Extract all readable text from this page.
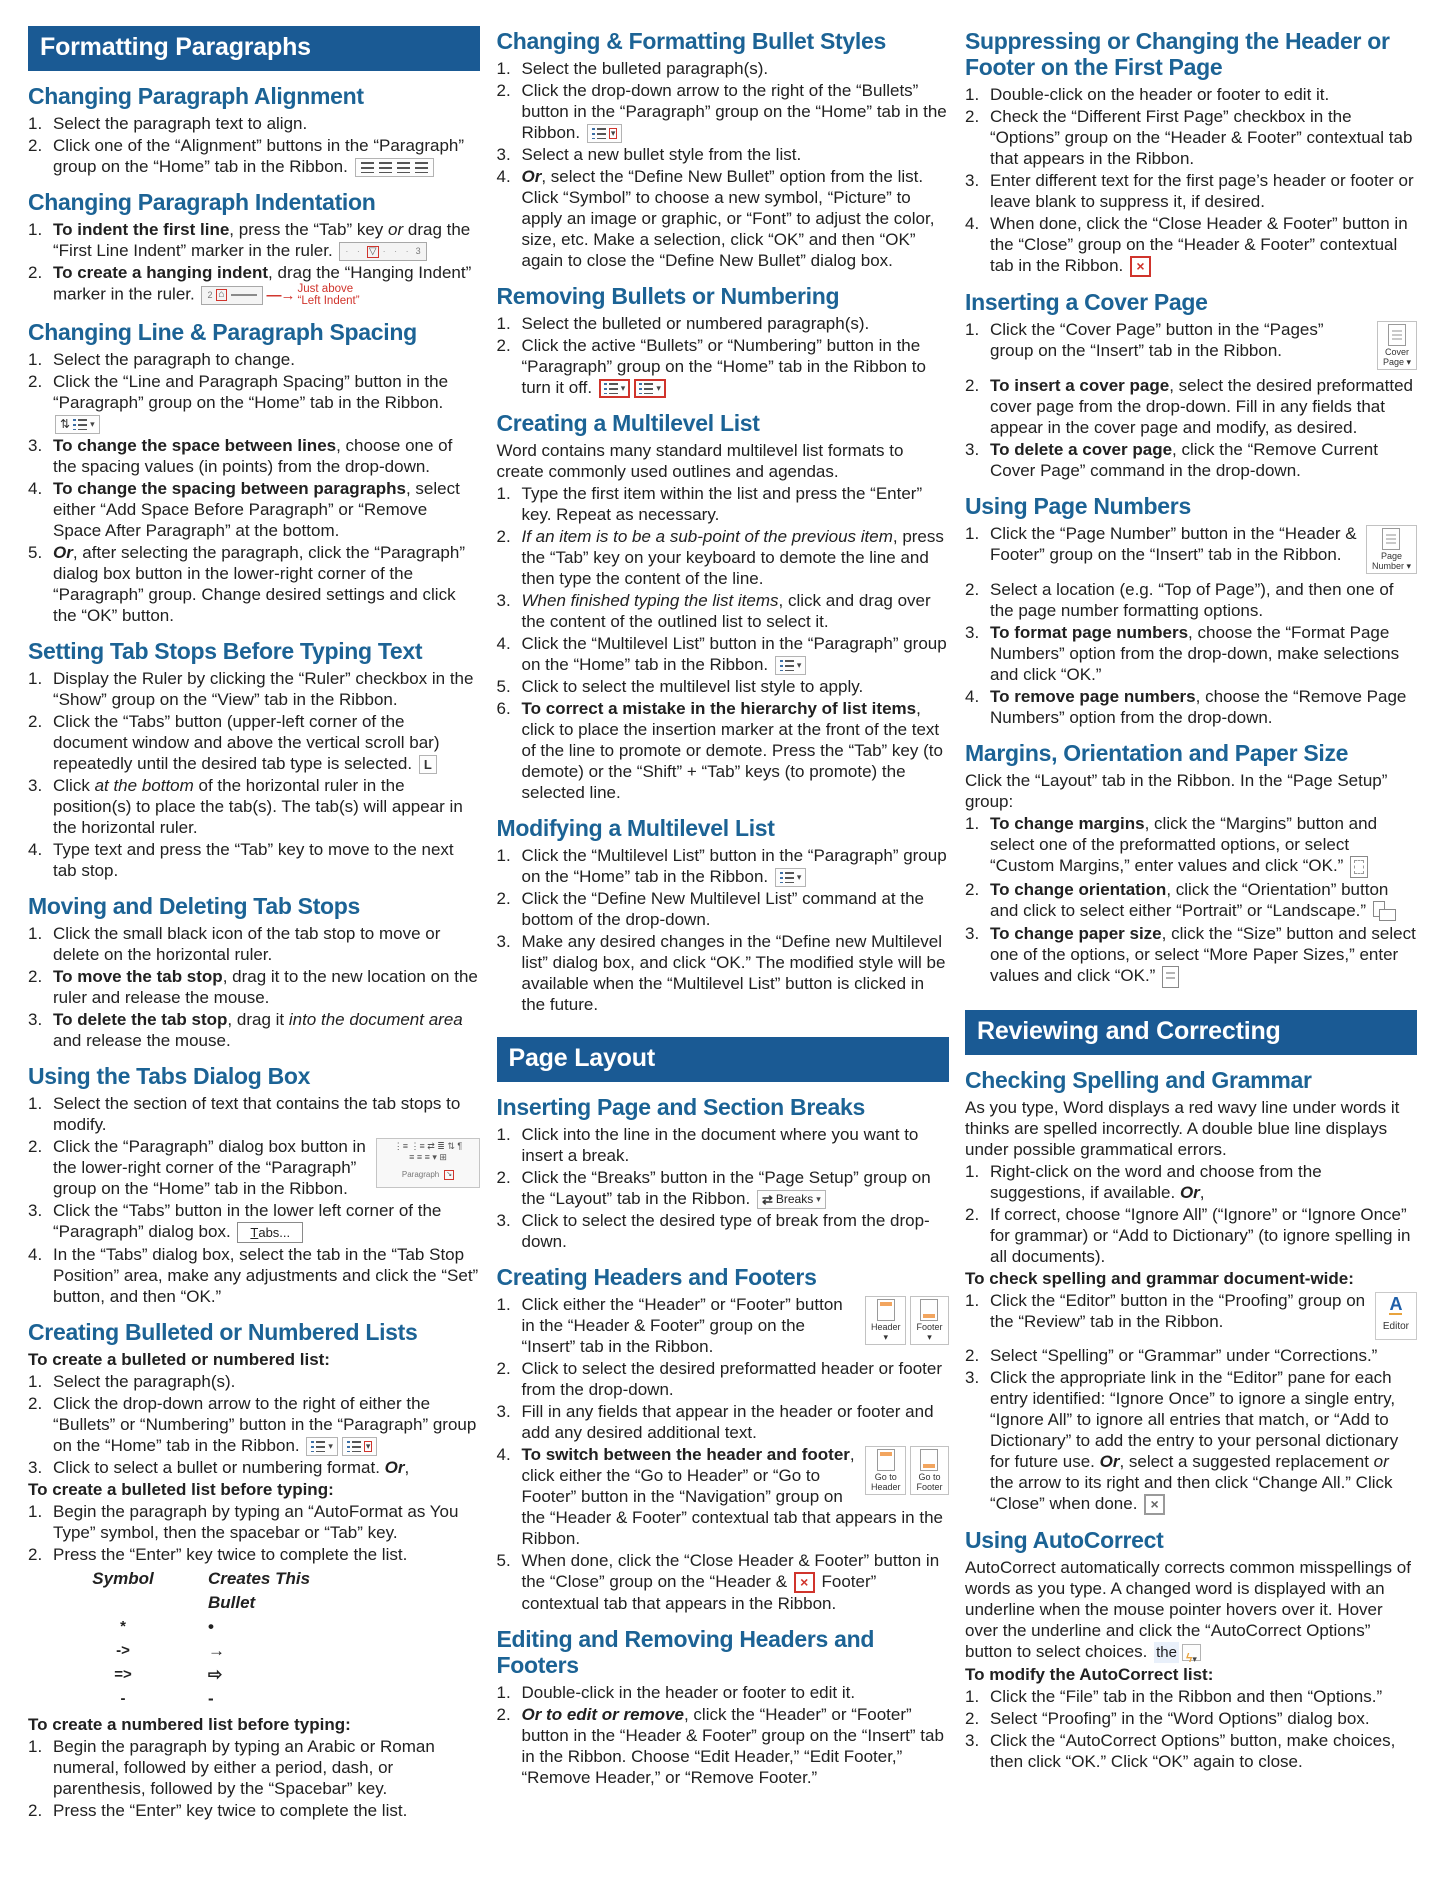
Formatting Paragraphs
Changing Paragraph Alignment
1. Select the paragraph text to align.
2. Click one of the “Alignment” buttons in the “Paragraph” group on the “Home” tab in the Ribbon.
Changing Paragraph Indentation
1. To indent the first line, press the “Tab” key or drag the “First Line Indent” marker in the ruler. · · ▽ · · · 3
2. To create a hanging indent, drag the “Hanging Indent” marker in the ruler. 2 ⌂	—→ Just above
“Left Indent”
Changing Line & Paragraph Spacing
1. Select the paragraph to change.
2. Click the “Line and Paragraph Spacing” button in the “Paragraph” group on the “Home” tab in the Ribbon.
⇅ ▾
3. To change the space between lines, choose one of the spacing values (in points) from the drop-down.
4. To change the spacing between paragraphs, select either “Add Space Before Paragraph” or “Remove Space After Paragraph” at the bottom.
5. Or, after selecting the paragraph, click the “Paragraph” dialog box button in the lower-right corner of the “Paragraph” group. Change desired settings and click the “OK” button.
Setting Tab Stops Before Typing Text
1. Display the Ruler by clicking the “Ruler” checkbox in the “Show” group on the “View” tab in the Ribbon.
2. Click the “Tabs” button (upper-left corner of the document window and above the vertical scroll bar) repeatedly until the desired tab type is selected. L
3. Click at the bottom of the horizontal ruler in the position(s) to place the tab(s). The tab(s) will appear in the horizontal ruler.
4. Type text and press the “Tab” key to move to the next tab stop.
Moving and Deleting Tab Stops
1. Click the small black icon of the tab stop to move or delete on the horizontal ruler.
2. To move the tab stop, drag it to the new location on the ruler and release the mouse.
3. To delete the tab stop, drag it into the document area and release the mouse.
Using the Tabs Dialog Box
1. Select the section of text that contains the tab stops to modify.
2.	⋮≡ ⋮≡ ⇄ ≣ ⇅ ¶
≡ ≡ ≡ ▾ ⊞
Paragraph ↘
Click the “Paragraph” dialog box button in the lower-right corner of the “Paragraph” group on the “Home” tab in the Ribbon.
3. Click the “Tabs” button in the lower left corner of the “Paragraph” dialog box. T abs...
4. In the “Tabs” dialog box, select the tab in the “Tab Stop Position” area, make any adjustments and click the “Set” button, and then “OK.”
Creating Bulleted or Numbered Lists
To create a bulleted or numbered list:
1. Select the paragraph(s).
2. Click the drop-down arrow to the right of either the “Bullets” or “Numbering” button in the “Paragraph” group on the “Home” tab in the Ribbon.	▾	▾
3. Click to select a bullet or numbering format. Or,
To create a bulleted list before typing:
1. Begin the paragraph by typing an “AutoFormat as You Type” symbol, then the spacebar or “Tab” key.
2. Press the “Enter” key twice to complete the list.
Symbol	Creates This Bullet
*	•
->	→
=>	⇨
-	-
To create a numbered list before typing:
1. Begin the paragraph by typing an Arabic or Roman numeral, followed by either a period, dash, or parenthesis, followed by the “Spacebar” key.
2. Press the “Enter” key twice to complete the list.
Changing & Formatting Bullet Styles
1. Select the bulleted paragraph(s).
2. Click the drop-down arrow to the right of the “Bullets” button in the “Paragraph” group on the “Home” tab in the Ribbon.	▾
3. Select a new bullet style from the list.
4. Or, select the “Define New Bullet” option from the list. Click “Symbol” to choose a new symbol, “Picture” to apply an image or graphic, or “Font” to adjust the color, size, etc. Make a selection, click “OK” and then “OK” again to close the “Define New Bullet” dialog box.
Removing Bullets or Numbering
1. Select the bulleted or numbered paragraph(s).
2. Click the active “Bullets” or “Numbering” button in the “Paragraph” group on the “Home” tab in the Ribbon to turn it off.	▾	▾
Creating a Multilevel List
Word contains many standard multilevel list formats to create commonly used outlines and agendas.
1. Type the first item within the list and press the “Enter” key. Repeat as necessary.
2. If an item is to be a sub-point of the previous item, press the “Tab” key on your keyboard to demote the line and then type the content of the line.
3. When finished typing the list items, click and drag over the content of the outlined list to select it.
4. Click the “Multilevel List” button in the “Paragraph” group on the “Home” tab in the Ribbon.	▾
5. Click to select the multilevel list style to apply.
6. To correct a mistake in the hierarchy of list items, click to place the insertion marker at the front of the text of the line to promote or demote. Press the “Tab” key (to demote) or the “Shift” + “Tab” keys (to promote) the selected line.
Modifying a Multilevel List
1. Click the “Multilevel List” button in the “Paragraph” group on the “Home” tab in the Ribbon.	▾
2. Click the “Define New Multilevel List” command at the bottom of the drop-down.
3. Make any desired changes in the “Define new Multilevel list” dialog box, and click “OK.” The modified style will be available when the “Multilevel List” button is clicked in the future.
Page Layout
Inserting Page and Section Breaks
1. Click into the line in the document where you want to insert a break.
2. Click the “Breaks” button in the “Page Setup” group on the “Layout” tab in the Ribbon. ⇄ Breaks ▾
3. Click to select the desired type of break from the drop-down.
Creating Headers and Footers
1.
Header
▾
Footer
▾
Click either the “Header” or “Footer” button in the “Header & Footer” group on the “Insert” tab in the Ribbon.
2. Click to select the desired preformatted header or footer from the drop-down.
3. Fill in any fields that appear in the header or footer and add any desired additional text.
4.
Go to
Header
Go to
Footer
To switch between the header and footer, click either the “Go to Header” or “Go to Footer” button in the “Navigation” group on the “Header & Footer” contextual tab that appears in the Ribbon.
5. When done, click the “Close Header & Footer” button in the “Close” group on the “Header & × Footer” contextual tab that appears in the Ribbon.
Editing and Removing Headers and Footers
1. Double-click in the header or footer to edit it.
2. Or to edit or remove, click the “Header” or “Footer” button in the “Header & Footer” group on the “Insert” tab in the Ribbon. Choose “Edit Header,” “Edit Footer,” “Remove Header,” or “Remove Footer.”
Suppressing or Changing the Header or Footer on the First Page
1. Double-click on the header or footer to edit it.
2. Check the “Different First Page” checkbox in the “Options” group on the “Header & Footer” contextual tab that appears in the Ribbon.
3. Enter different text for the first page’s header or footer or leave blank to suppress it, if desired.
4. When done, click the “Close Header & Footer” button in the “Close” group on the “Header & Footer” contextual tab in the Ribbon. ×
Inserting a Cover Page
1.
Cover
Page ▾
Click the “Cover Page” button in the “Pages” group on the “Insert” tab in the Ribbon.
2. To insert a cover page, select the desired preformatted cover page from the drop-down. Fill in any fields that appear in the cover page and modify, as desired.
3. To delete a cover page, click the “Remove Current Cover Page” command in the drop-down.
Using Page Numbers
1.
Page
Number ▾
Click the “Page Number” button in the “Header & Footer” group on the “Insert” tab in the Ribbon.
2. Select a location (e.g. “Top of Page”), and then one of the page number formatting options.
3. To format page numbers, choose the “Format Page Numbers” option from the drop-down, make selections and click “OK.”
4. To remove page numbers, choose the “Remove Page Numbers” option from the drop-down.
Margins, Orientation and Paper Size
Click the “Layout” tab in the Ribbon. In the “Page Setup” group:
1. To change margins, click the “Margins” button and select one of the preformatted options, or select “Custom Margins,” enter values and click “OK.”
2. To change orientation, click the “Orientation” button and click to select either “Portrait” or “Landscape.”
3. To change paper size, click the “Size” button and select one of the options, or select “More Paper Sizes,” enter values and click “OK.”
Reviewing and Correcting
Checking Spelling and Grammar
As you type, Word displays a red wavy line under words it thinks are spelled incorrectly. A double blue line displays under possible grammatical errors.
1. Right-click on the word and choose from the suggestions, if available. Or,
2. If correct, choose “Ignore All” (“Ignore” or “Ignore Once” for grammar) or “Add to Dictionary” (to ignore spelling in all documents).
To check spelling and grammar document-wide:
1.	A
Editor
Click the “Editor” button in the “Proofing” group on the “Review” tab in the Ribbon.
2. Select “Spelling” or “Grammar” under “Corrections.”
3. Click the appropriate link in the “Editor” pane for each entry identified: “Ignore Once” to ignore a single entry, “Ignore All” to ignore all entries that match, or “Add to Dictionary” to add the entry to your personal dictionary for future use. Or, select a suggested replacement or the arrow to its right and then click “Change All.” Click “Close” when done. ×
Using AutoCorrect
AutoCorrect automatically corrects common misspellings of words as you type. A changed word is displayed with an underline when the mouse pointer hovers over it. Hover over the underline and click the “AutoCorrect Options” button to select choices. the ϟ▾
To modify the AutoCorrect list:
1. Click the “File” tab in the Ribbon and then “Options.”
2. Select “Proofing” in the “Word Options” dialog box.
3. Click the “AutoCorrect Options” button, make choices, then click “OK.” Click “OK” again to close.
